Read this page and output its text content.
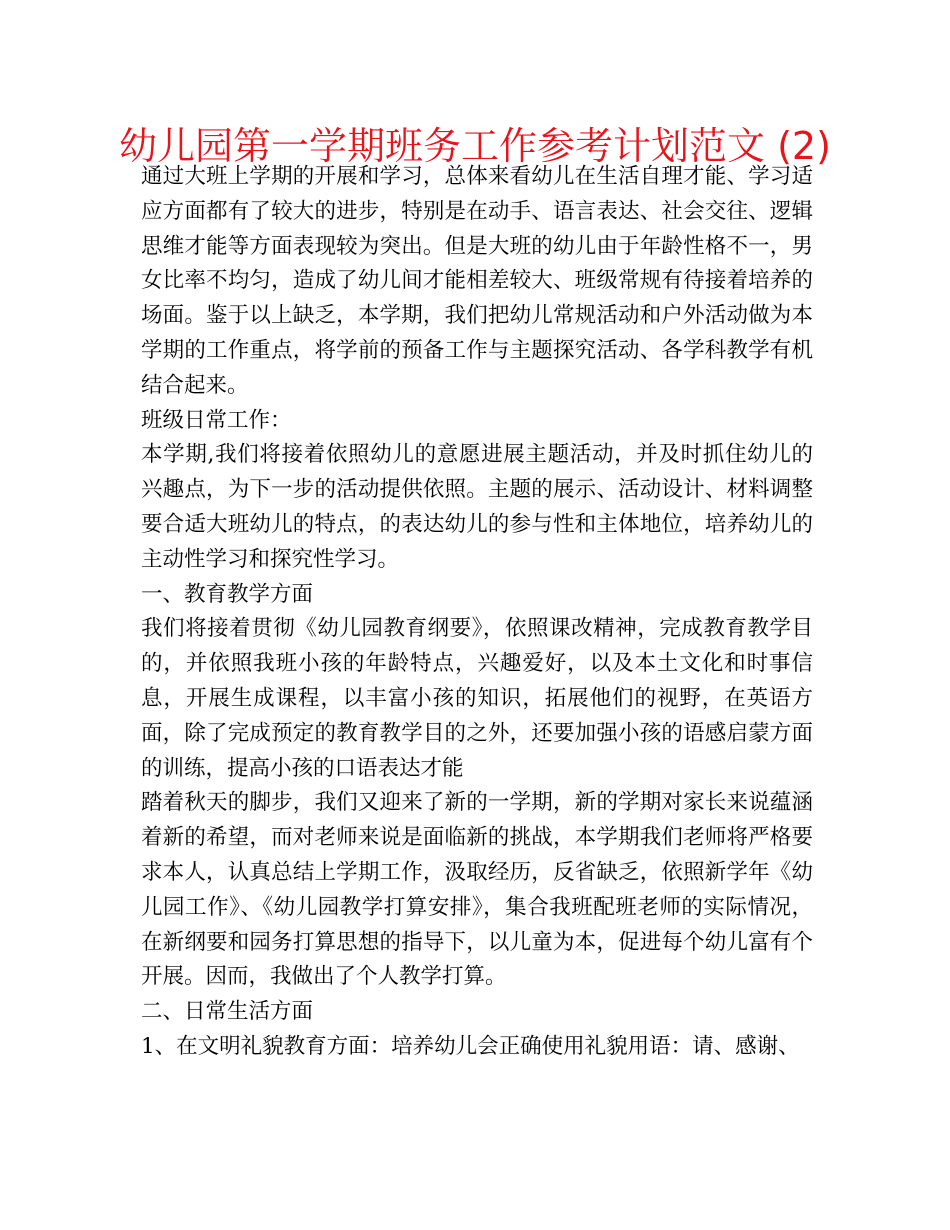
幼儿园第一学期班务工作参考计划范文 (2)

通过大班上学期的开展和学习，总体来看幼儿在生活自理才能、学习适应方面都有了较大的进步，特别是在动手、语言表达、社会交往、逻辑思维才能等方面表现较为突出。但是大班的幼儿由于年龄性格不一，男女比率不均匀，造成了幼儿间才能相差较大、班级常规有待接着培养的场面。鉴于以上缺乏，本学期，我们把幼儿常规活动和户外活动做为本学期的工作重点，将学前的预备工作与主题探究活动、各学科教学有机结合起来。

班级日常工作：

本学期,我们将接着依照幼儿的意愿进展主题活动，并及时抓住幼儿的兴趣点，为下一步的活动提供依照。主题的展示、活动设计、材料调整要合适大班幼儿的特点，的表达幼儿的参与性和主体地位，培养幼儿的主动性学习和探究性学习。

一、教育教学方面

我们将接着贯彻《幼儿园教育纲要》，依照课改精神，完成教育教学目的，并依照我班小孩的年龄特点，兴趣爱好，以及本土文化和时事信息，开展生成课程，以丰富小孩的知识，拓展他们的视野，在英语方面，除了完成预定的教育教学目的之外，还要加强小孩的语感启蒙方面的训练，提高小孩的口语表达才能

踏着秋天的脚步，我们又迎来了新的一学期，新的学期对家长来说蕴涵着新的希望，而对老师来说是面临新的挑战，本学期我们老师将严格要求本人，认真总结上学期工作，汲取经历，反省缺乏，依照新学年《幼儿园工作》、《幼儿园教学打算安排》，集合我班配班老师的实际情况，在新纲要和园务打算思想的指导下，以儿童为本，促进每个幼儿富有个开展。因而，我做出了个人教学打算。

二、日常生活方面

1、在文明礼貌教育方面：培养幼儿会正确使用礼貌用语：请、感谢、
